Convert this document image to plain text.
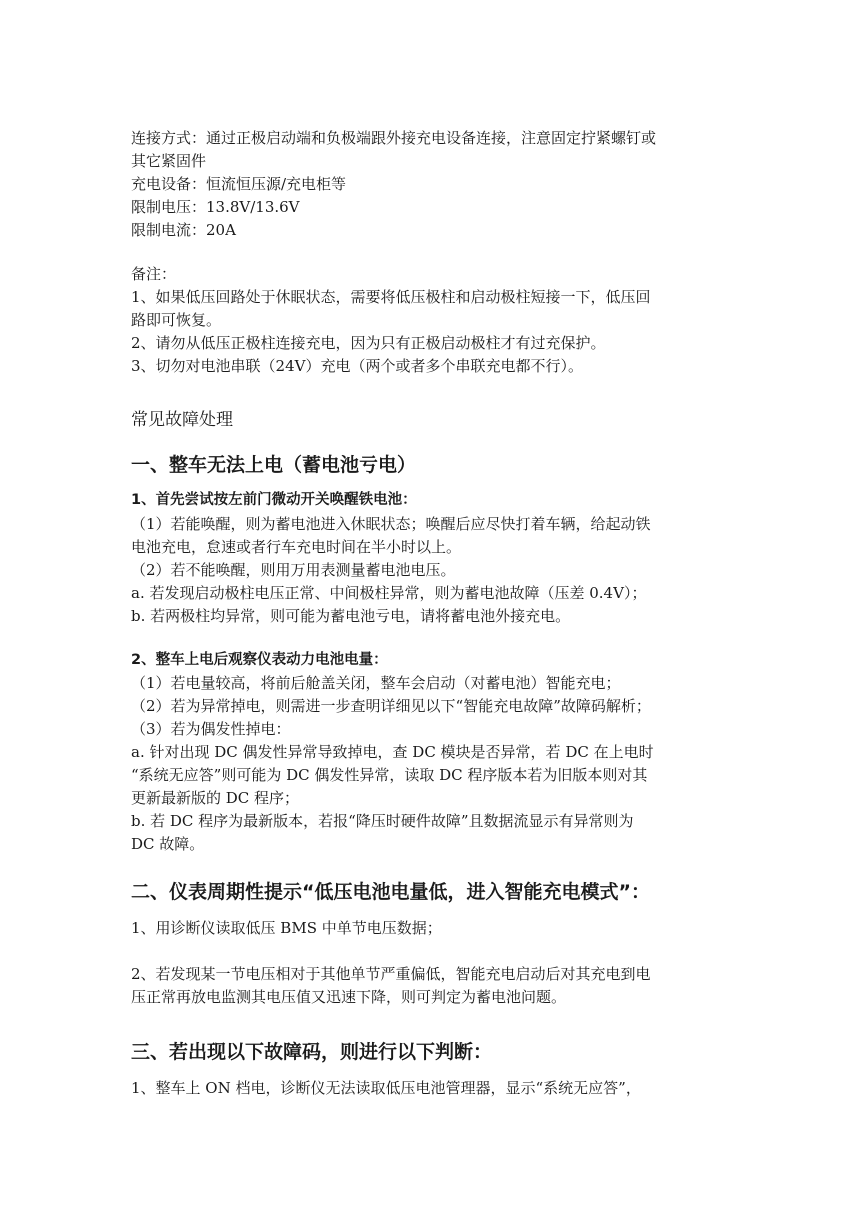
连接方式：通过正极启动端和负极端跟外接充电设备连接，注意固定拧紧螺钉或
其它紧固件
充电设备：恒流恒压源/充电柜等
限制电压：13.8V/13.6V
限制电流：20A
备注：
1、如果低压回路处于休眠状态，需要将低压极柱和启动极柱短接一下，低压回
路即可恢复。
2、请勿从低压正极柱连接充电，因为只有正极启动极柱才有过充保护。
3、切勿对电池串联（24V）充电（两个或者多个串联充电都不行）。
常见故障处理
一、整车无法上电（蓄电池亏电）
1、首先尝试按左前门微动开关唤醒铁电池：
（1）若能唤醒，则为蓄电池进入休眠状态；唤醒后应尽快打着车辆，给起动铁
电池充电，怠速或者行车充电时间在半小时以上。
（2）若不能唤醒，则用万用表测量蓄电池电压。
a. 若发现启动极柱电压正常、中间极柱异常，则为蓄电池故障（压差 0.4V）；
b. 若两极柱均异常，则可能为蓄电池亏电，请将蓄电池外接充电。
2、整车上电后观察仪表动力电池电量：
（1）若电量较高，将前后舱盖关闭，整车会启动（对蓄电池）智能充电；
（2）若为异常掉电，则需进一步查明详细见以下“智能充电故障”故障码解析；
（3）若为偶发性掉电：
a. 针对出现 DC 偶发性异常导致掉电，查 DC 模块是否异常，若 DC 在上电时
“系统无应答”则可能为 DC 偶发性异常，读取 DC 程序版本若为旧版本则对其
更新最新版的 DC 程序；
b. 若 DC 程序为最新版本，若报“降压时硬件故障”且数据流显示有异常则为
DC 故障。
二、仪表周期性提示“低压电池电量低，进入智能充电模式”：
1、用诊断仪读取低压 BMS 中单节电压数据；
2、若发现某一节电压相对于其他单节严重偏低，智能充电启动后对其充电到电
压正常再放电监测其电压值又迅速下降，则可判定为蓄电池问题。
三、若出现以下故障码，则进行以下判断：
1、整车上 ON 档电，诊断仪无法读取低压电池管理器，显示“系统无应答”，
